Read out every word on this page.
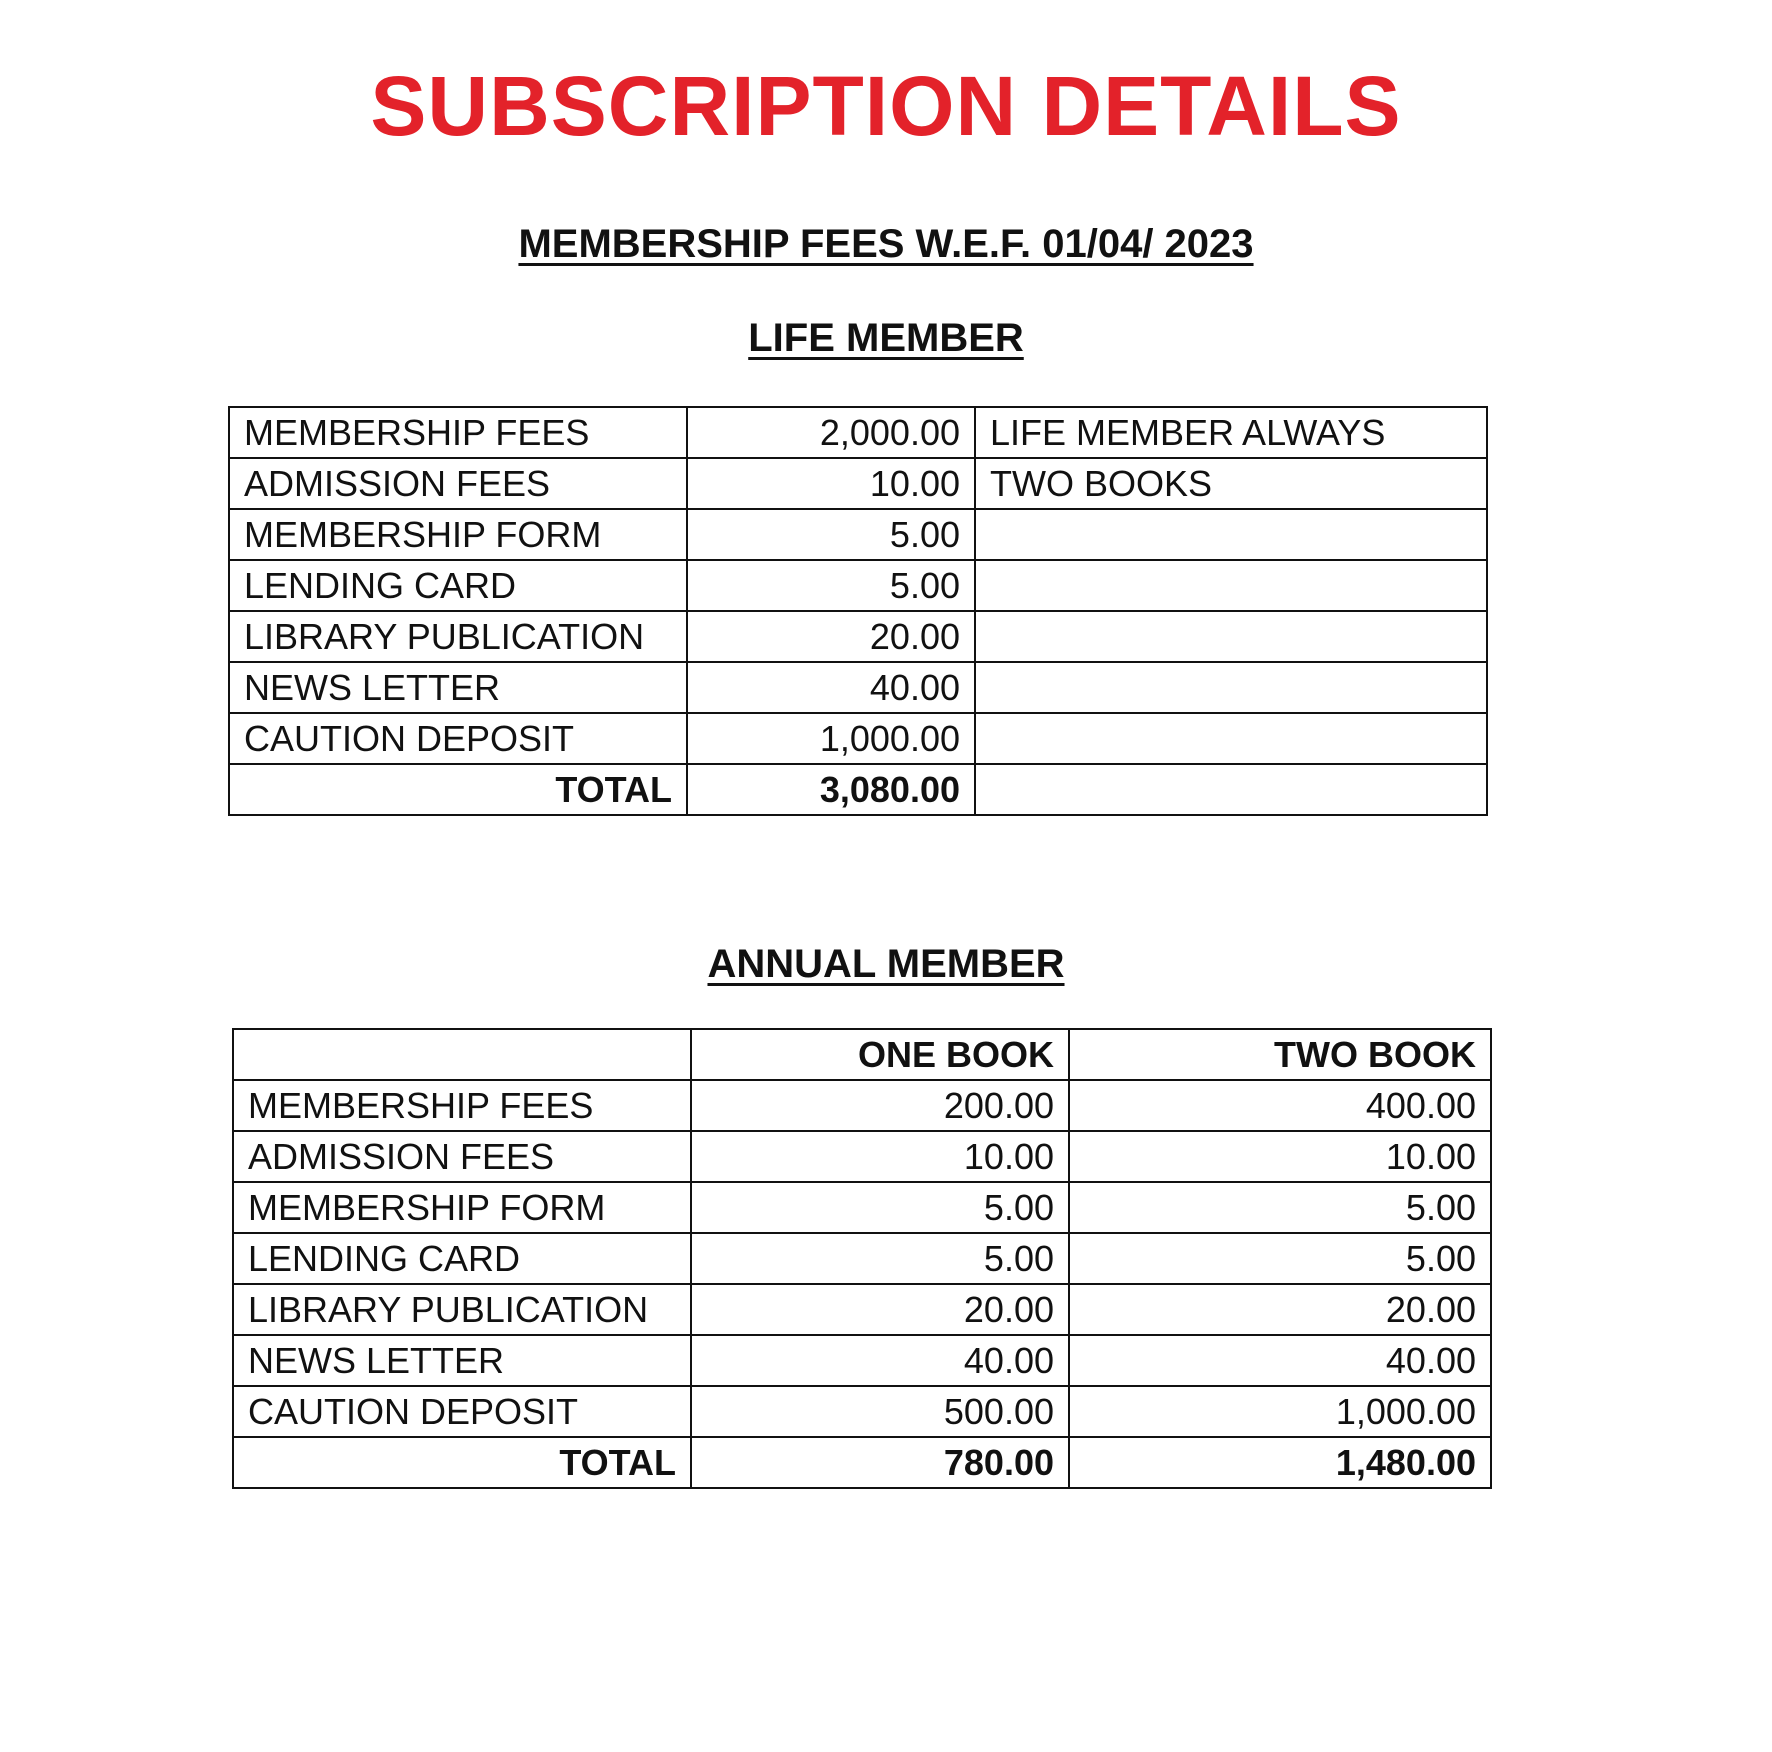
SUBSCRIPTION DETAILS
MEMBERSHIP FEES W.E.F. 01/04/ 2023
LIFE MEMBER
MEMBERSHIP FEES	2,000.00	LIFE MEMBER ALWAYS
ADMISSION FEES	10.00	TWO BOOKS
MEMBERSHIP FORM	5.00	
LENDING CARD	5.00	
LIBRARY PUBLICATION	20.00	
NEWS LETTER	40.00	
CAUTION DEPOSIT	1,000.00	
TOTAL	3,080.00	
ANNUAL MEMBER
	ONE BOOK	TWO BOOK
MEMBERSHIP FEES	200.00	400.00
ADMISSION FEES	10.00	10.00
MEMBERSHIP FORM	5.00	5.00
LENDING CARD	5.00	5.00
LIBRARY PUBLICATION	20.00	20.00
NEWS LETTER	40.00	40.00
CAUTION DEPOSIT	500.00	1,000.00
TOTAL	780.00	1,480.00
